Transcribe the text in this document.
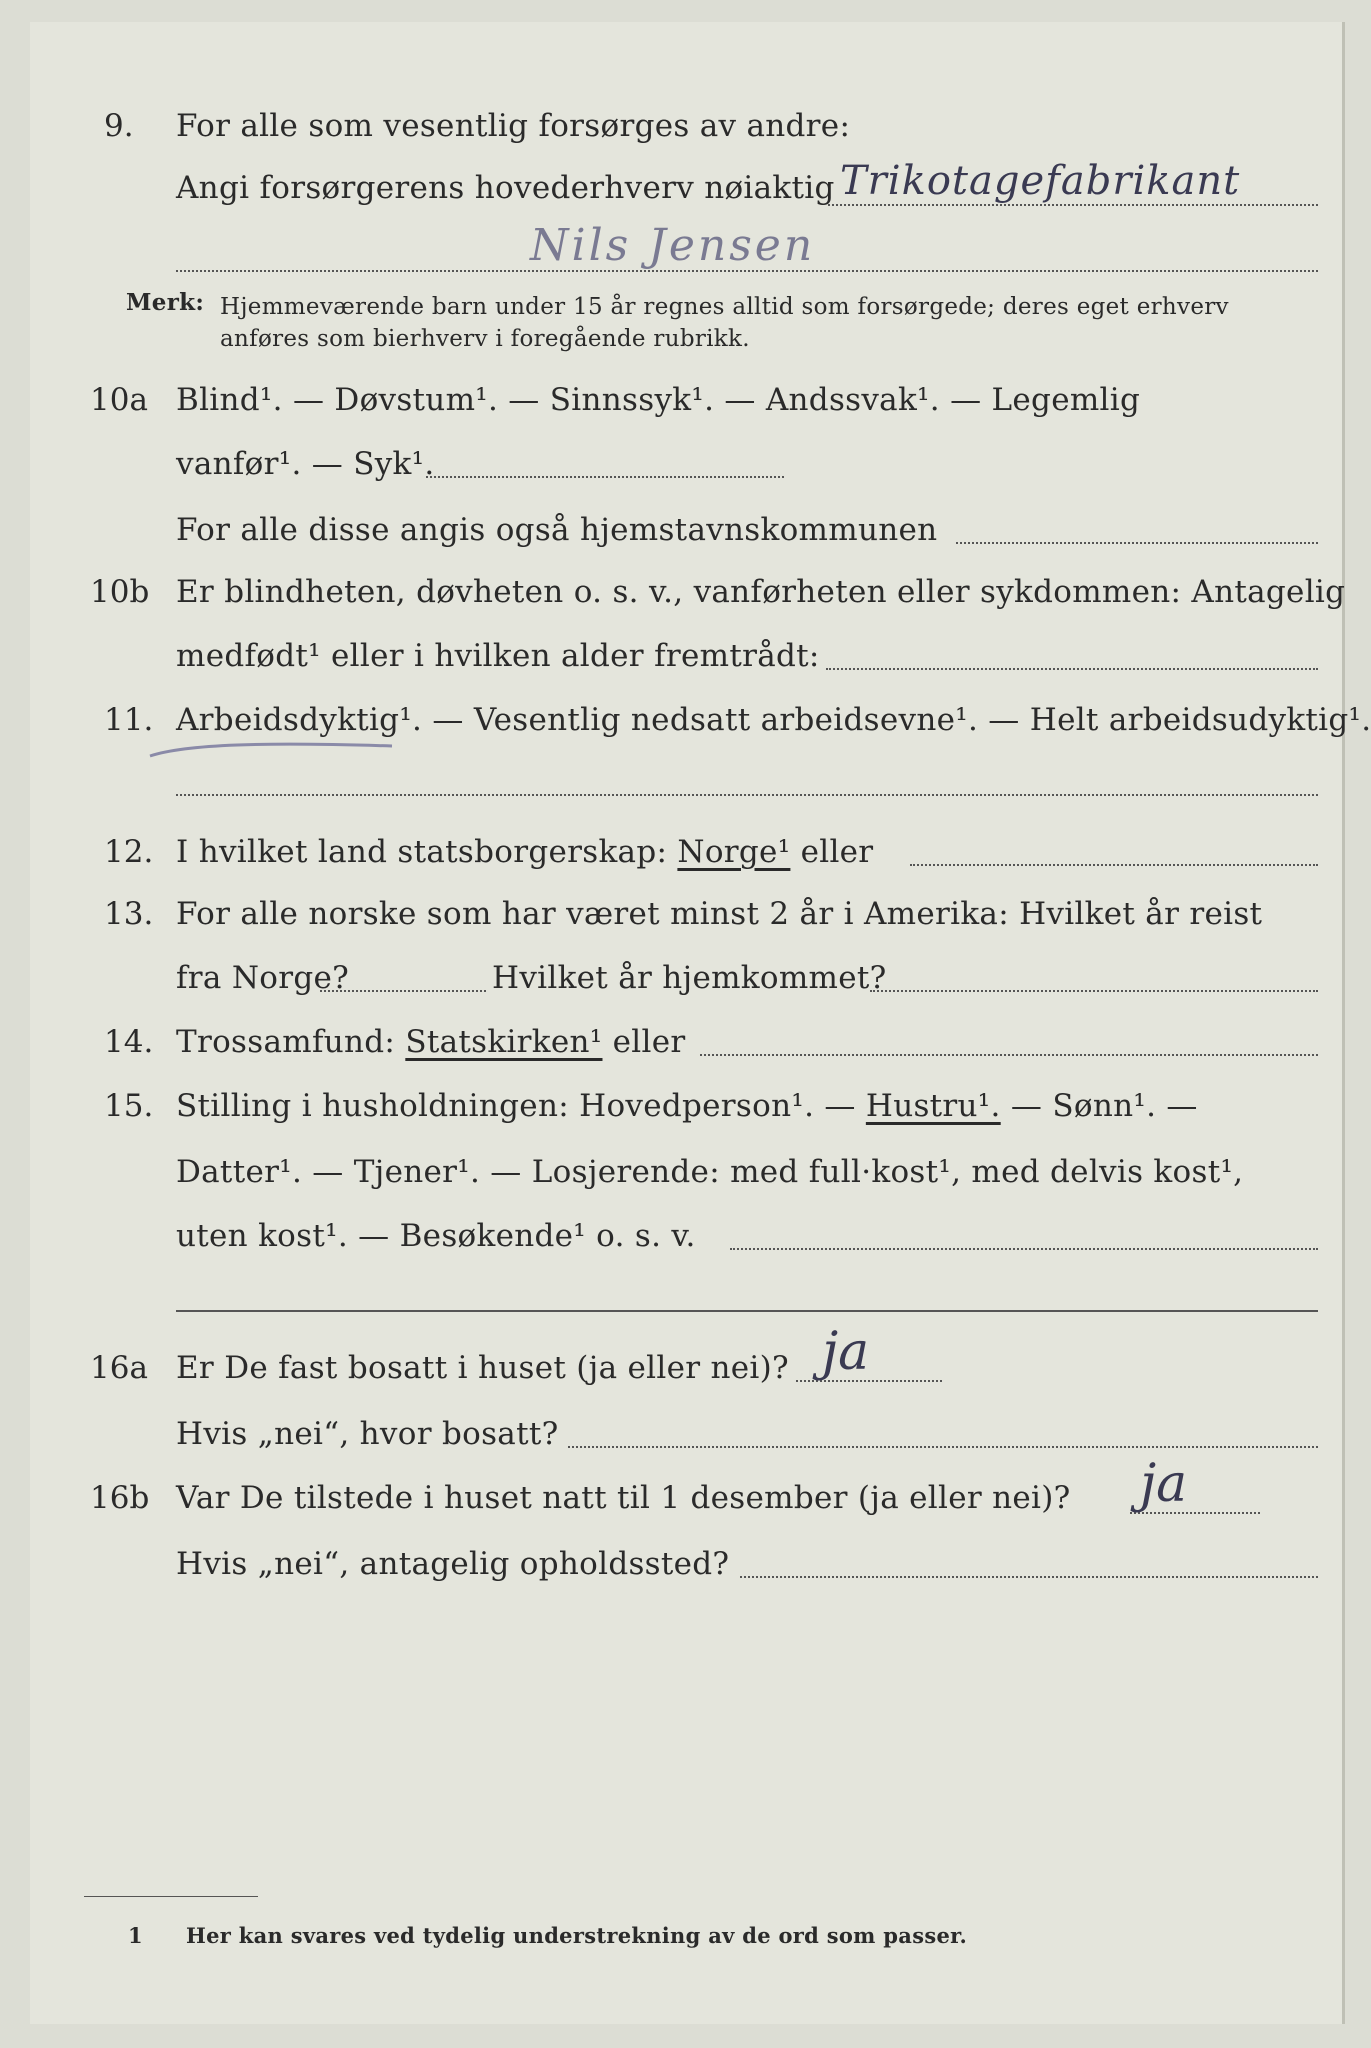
9. For alle som vesentlig forsørges av andre:
Angi forsørgerens hovederhverv nøiaktig Trikotagefabrikant
Nils Jensen
Merk: Hjemmeværende barn under 15 år regnes alltid som forsørgede; deres eget erhverv
anføres som bierhverv i foregående rubrikk.
10a Blind¹. — Døvstum¹. — Sinnssyk¹. — Andssvak¹. — Legemlig
vanfør¹. — Syk¹.
For alle disse angis også hjemstavnskommunen
10b Er blindheten, døvheten o. s. v., vanførheten eller sykdommen: Antagelig
medfødt¹ eller i hvilken alder fremtrådt:
11. Arbeidsdyktig¹. — Vesentlig nedsatt arbeidsevne¹. — Helt arbeidsudyktig¹.
12. I hvilket land statsborgerskap: Norge¹ eller
13. For alle norske som har været minst 2 år i Amerika: Hvilket år reist
fra Norge?	Hvilket år hjemkommet?
14. Trossamfund: Statskirken¹ eller
15. Stilling i husholdningen: Hovedperson¹. — Hustru¹. — Sønn¹. —
Datter¹. — Tjener¹. — Losjerende: med full·kost¹, med delvis kost¹,
uten kost¹. — Besøkende¹ o. s. v.
16a Er De fast bosatt i huset (ja eller nei)? ja
Hvis „nei“, hvor bosatt?
16b Var De tilstede i huset natt til 1 desember (ja eller nei)? ja
Hvis „nei“, antagelig opholdssted?
1 Her kan svares ved tydelig understrekning av de ord som passer.
